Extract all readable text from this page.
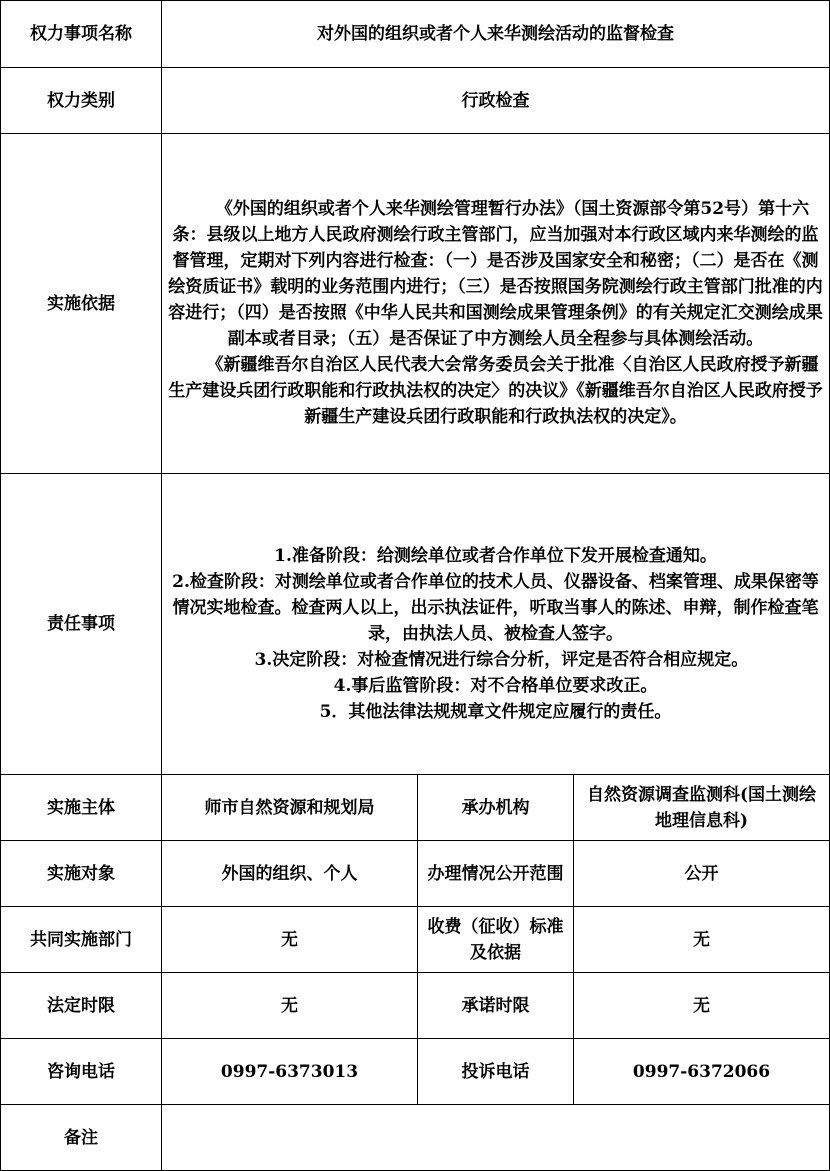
权力事项名称	对外国的组织或者个人来华测绘活动的监督检查		
权力类别	行政检查		
实施依据	《外国的组织或者个人来华测绘管理暂行办法》（国土资源部令第52号）第十六条：县级以上地方人民政府测绘行政主管部门，应当加强对本行政区域内来华测绘的监督管理，定期对下列内容进行检查：（一）是否涉及国家安全和秘密；（二）是否在《测绘资质证书》载明的业务范围内进行；（三）是否按照国务院测绘行政主管部门批准的内容进行；（四）是否按照《中华人民共和国测绘成果管理条例》的有关规定汇交测绘成果副本或者目录；（五）是否保证了中方测绘人员全程参与具体测绘活动。
《新疆维吾尔自治区人民代表大会常务委员会关于批准〈自治区人民政府授予新疆生产建设兵团行政职能和行政执法权的决定〉的决议》《新疆维吾尔自治区人民政府授予新疆生产建设兵团行政职能和行政执法权的决定》。		

责任事项	1.准备阶段：给测绘单位或者合作单位下发开展检查通知。
2.检查阶段：对测绘单位或者合作单位的技术人员、仪器设备、档案管理、成果保密等情况实地检查。检查两人以上，出示执法证件，听取当事人的陈述、申辩，制作检查笔录，由执法人员、被检查人签字。
3.决定阶段：对检查情况进行综合分析，评定是否符合相应规定。
4.事后监管阶段：对不合格单位要求改正。
5．其他法律法规规章文件规定应履行的责任。		

实施主体	师市自然资源和规划局	承办机构	自然资源调查监测科(国土测绘地理信息科)
实施对象	外国的组织、个人	办理情况公开范围	公开
共同实施部门	无	收费（征收）标准及依据	无
法定时限	无	承诺时限	无
咨询电话	0997-6373013	投诉电话	0997-6372066
备注			
